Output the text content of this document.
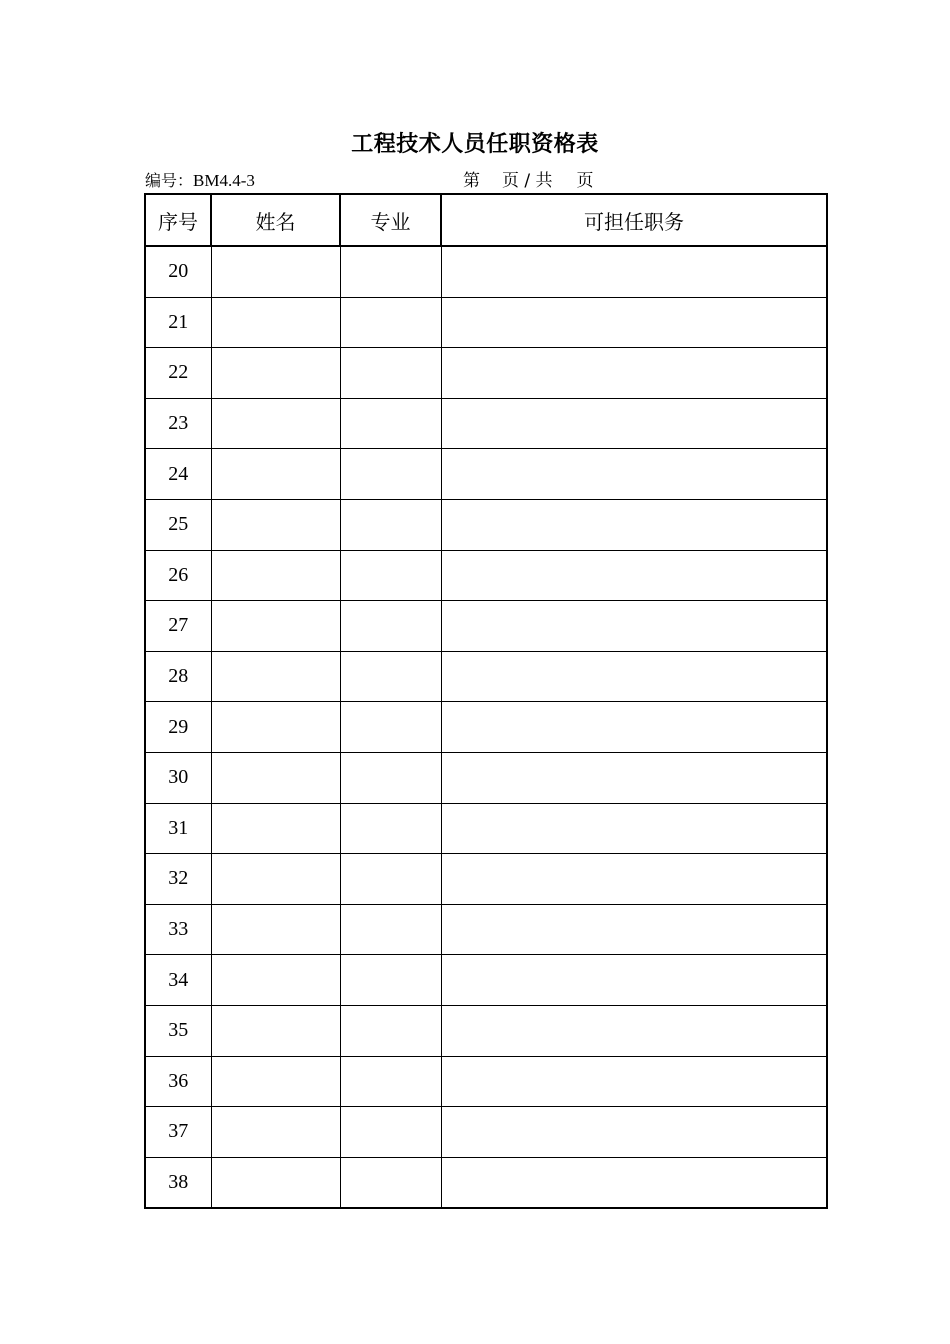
工程技术人员任职资格表
编号：BM4.4-3	第 页 / 共 页
序号	姓名	专业	可担任职务
20			
21			
22			
23			
24			
25			
26			
27			
28			
29			
30			
31			
32			
33			
34			
35			
36			
37			
38			
